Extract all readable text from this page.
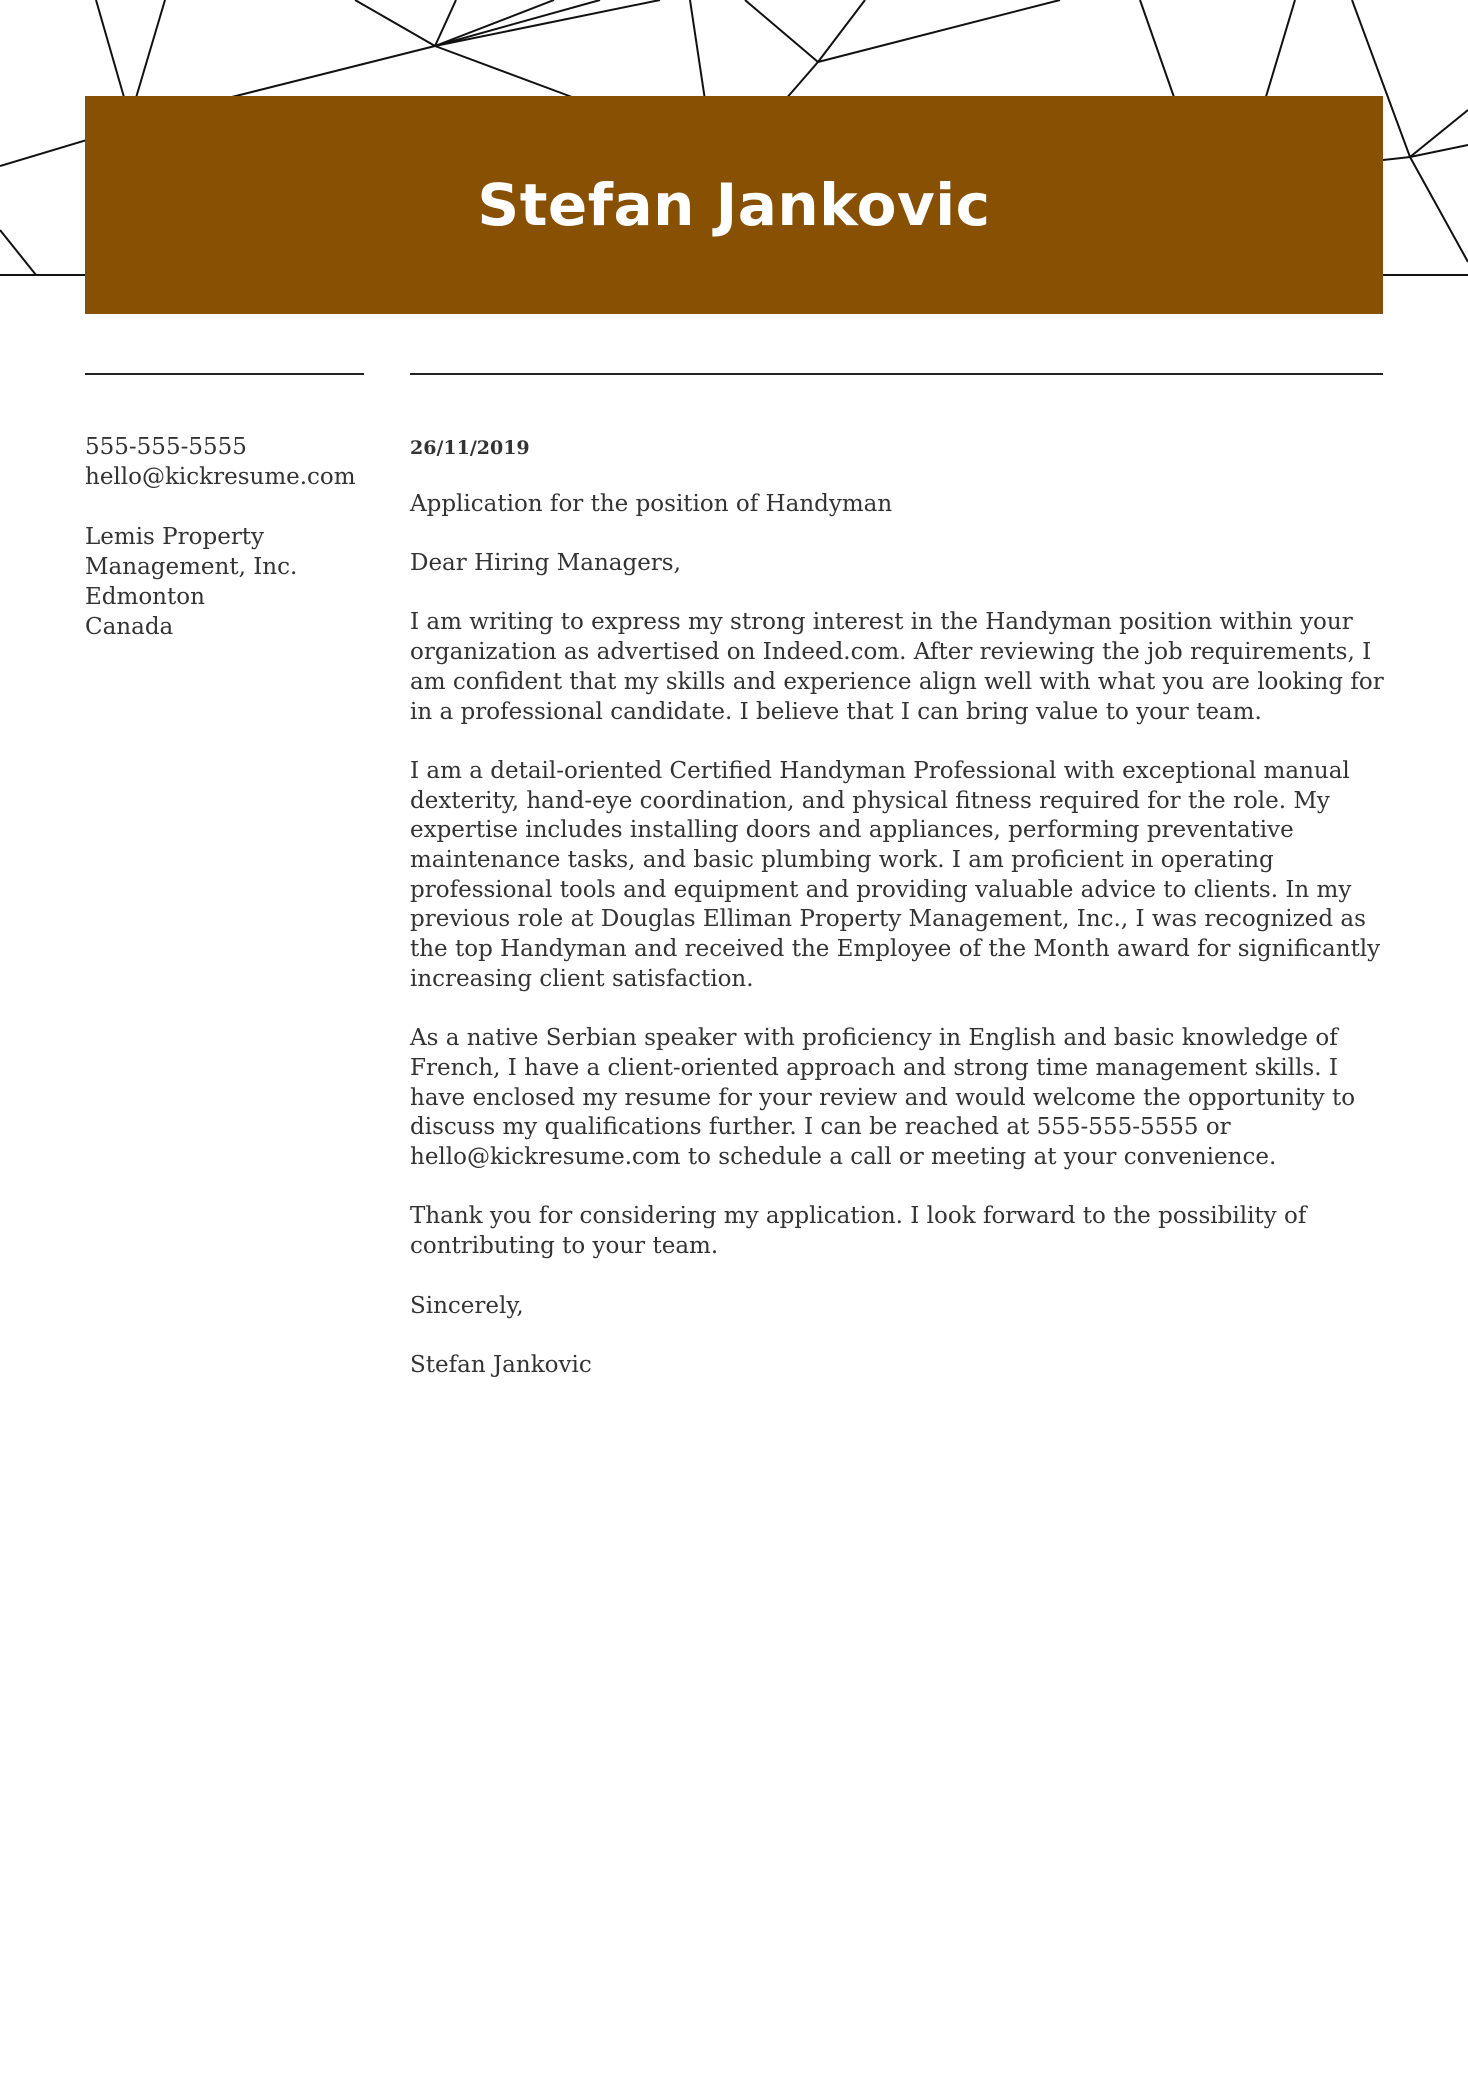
Stefan Jankovic
555-555-5555
hello@kickresume.com
Lemis Property
Management, Inc.
Edmonton
Canada

26/11/2019

Application for the position of Handyman

Dear Hiring Managers,

I am writing to express my strong interest in the Handyman position within your organization as advertised on Indeed.com. After reviewing the job requirements, I am confident that my skills and experience align well with what you are looking for in a professional candidate. I believe that I can bring value to your team.

I am a detail-oriented Certified Handyman Professional with exceptional manual dexterity, hand-eye coordination, and physical fitness required for the role. My expertise includes installing doors and appliances, performing preventative maintenance tasks, and basic plumbing work. I am proficient in operating professional tools and equipment and providing valuable advice to clients. In my previous role at Douglas Elliman Property Management, Inc., I was recognized as the top Handyman and received the Employee of the Month award for significantly increasing client satisfaction.

As a native Serbian speaker with proficiency in English and basic knowledge of French, I have a client-oriented approach and strong time management skills. I have enclosed my resume for your review and would welcome the opportunity to discuss my qualifications further. I can be reached at 555-555-5555 or hello@kickresume.com to schedule a call or meeting at your convenience.

Thank you for considering my application. I look forward to the possibility of contributing to your team.

Sincerely,

Stefan Jankovic
